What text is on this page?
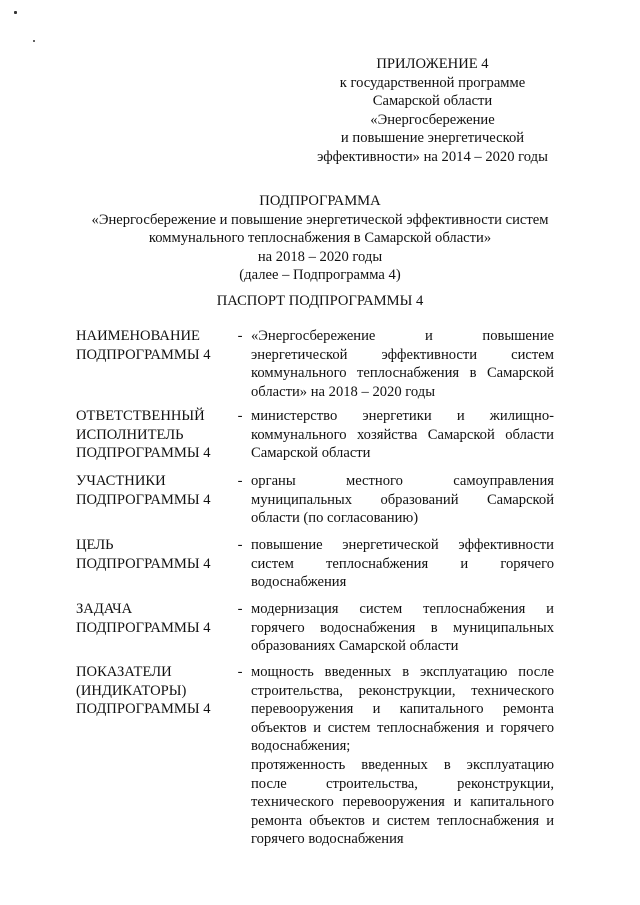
ПРИЛОЖЕНИЕ 4
к государственной программе
Самарской области
«Энергосбережение
и повышение энергетической
эффективности» на 2014 – 2020 годы
ПОДПРОГРАММА
«Энергосбережение и повышение энергетической эффективности систем
коммунального теплоснабжения в Самарской области»
на 2018 – 2020 годы
(далее – Подпрограмма 4)
ПАСПОРТ ПОДПРОГРАММЫ 4
НАИМЕНОВАНИЕ
ПОДПРОГРАММЫ 4
- «Энергосбережение и повышение
энергетической эффективности систем
коммунального теплоснабжения в Самарской
области» на 2018 – 2020 годы
ОТВЕТСТВЕННЫЙ
ИСПОЛНИТЕЛЬ
ПОДПРОГРАММЫ 4
- министерство энергетики и жилищно-
коммунального хозяйства Самарской области
Самарской области
УЧАСТНИКИ
ПОДПРОГРАММЫ 4
- органы местного самоуправления
муниципальных образований Самарской
области (по согласованию)
ЦЕЛЬ
ПОДПРОГРАММЫ 4
- повышение энергетической эффективности
систем теплоснабжения и горячего
водоснабжения
ЗАДАЧА
ПОДПРОГРАММЫ 4
- модернизация систем теплоснабжения и
горячего водоснабжения в муниципальных
образованиях Самарской области
ПОКАЗАТЕЛИ
(ИНДИКАТОРЫ)
ПОДПРОГРАММЫ 4
- мощность введенных в эксплуатацию после
строительства, реконструкции, технического
перевооружения и капитального ремонта
объектов и систем теплоснабжения и горячего
водоснабжения;
протяженность введенных в эксплуатацию
после строительства, реконструкции,
технического перевооружения и капитального
ремонта объектов и систем теплоснабжения и
горячего водоснабжения
